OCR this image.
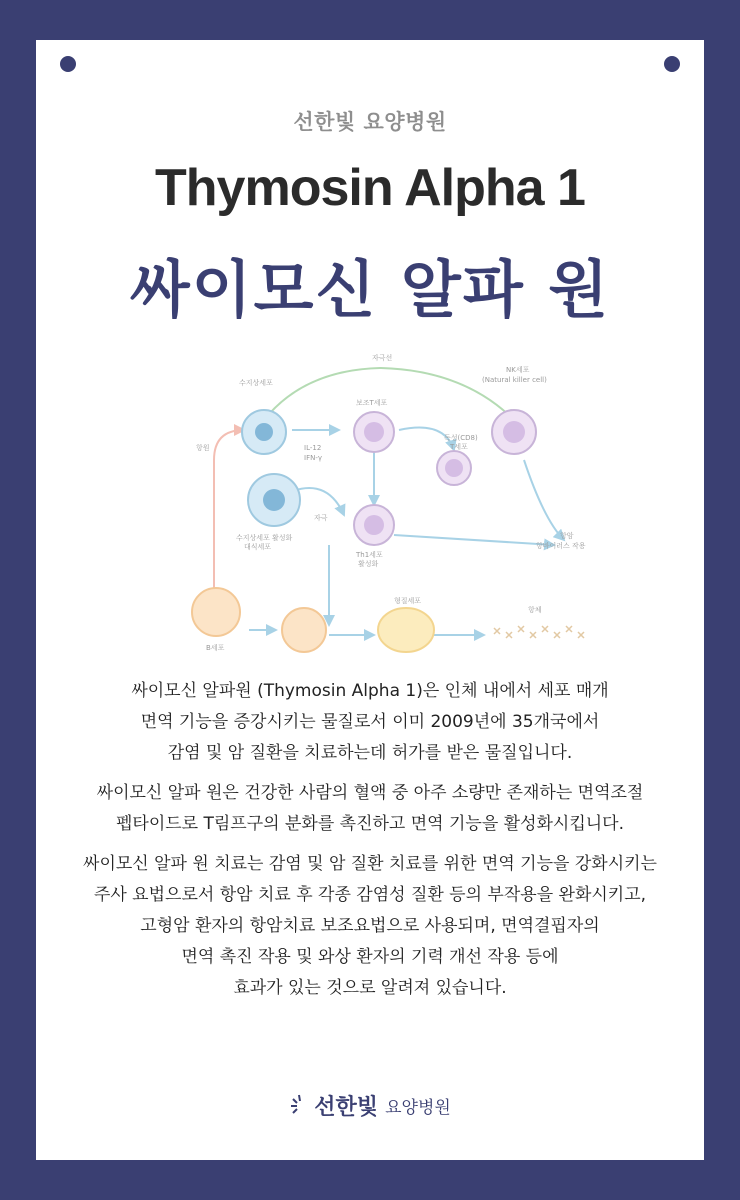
선한빛 요양병원
Thymosin Alpha 1
싸이모신 알파 원
자극선
수지상세포
보조T세포
NK세포
(Natural killer cell)
독성(CD8)
T세포
항원	IL-12
IFN-γ
수지상세포 활성화
대식세포
자극
Th1세포
활성화
항암
항바이러스 작용
형질세포
항체
B세포

싸이모신 알파원 (Thymosin Alpha 1)은 인체 내에서 세포 매개
면역 기능을 증강시키는 물질로서 이미 2009년에 35개국에서
감염 및 암 질환을 치료하는데 허가를 받은 물질입니다.

싸이모신 알파 원은 건강한 사람의 혈액 중 아주 소량만 존재하는 면역조절
펩타이드로 T림프구의 분화를 촉진하고 면역 기능을 활성화시킵니다.

싸이모신 알파 원 치료는 감염 및 암 질환 치료를 위한 면역 기능을 강화시키는
주사 요법으로서 항암 치료 후 각종 감염성 질환 등의 부작용을 완화시키고,
고형암 환자의 항암치료 보조요법으로 사용되며, 면역결핍자의
면역 촉진 작용 및 와상 환자의 기력 개선 작용 등에
효과가 있는 것으로 알려져 있습니다.

선한빛 요양병원
